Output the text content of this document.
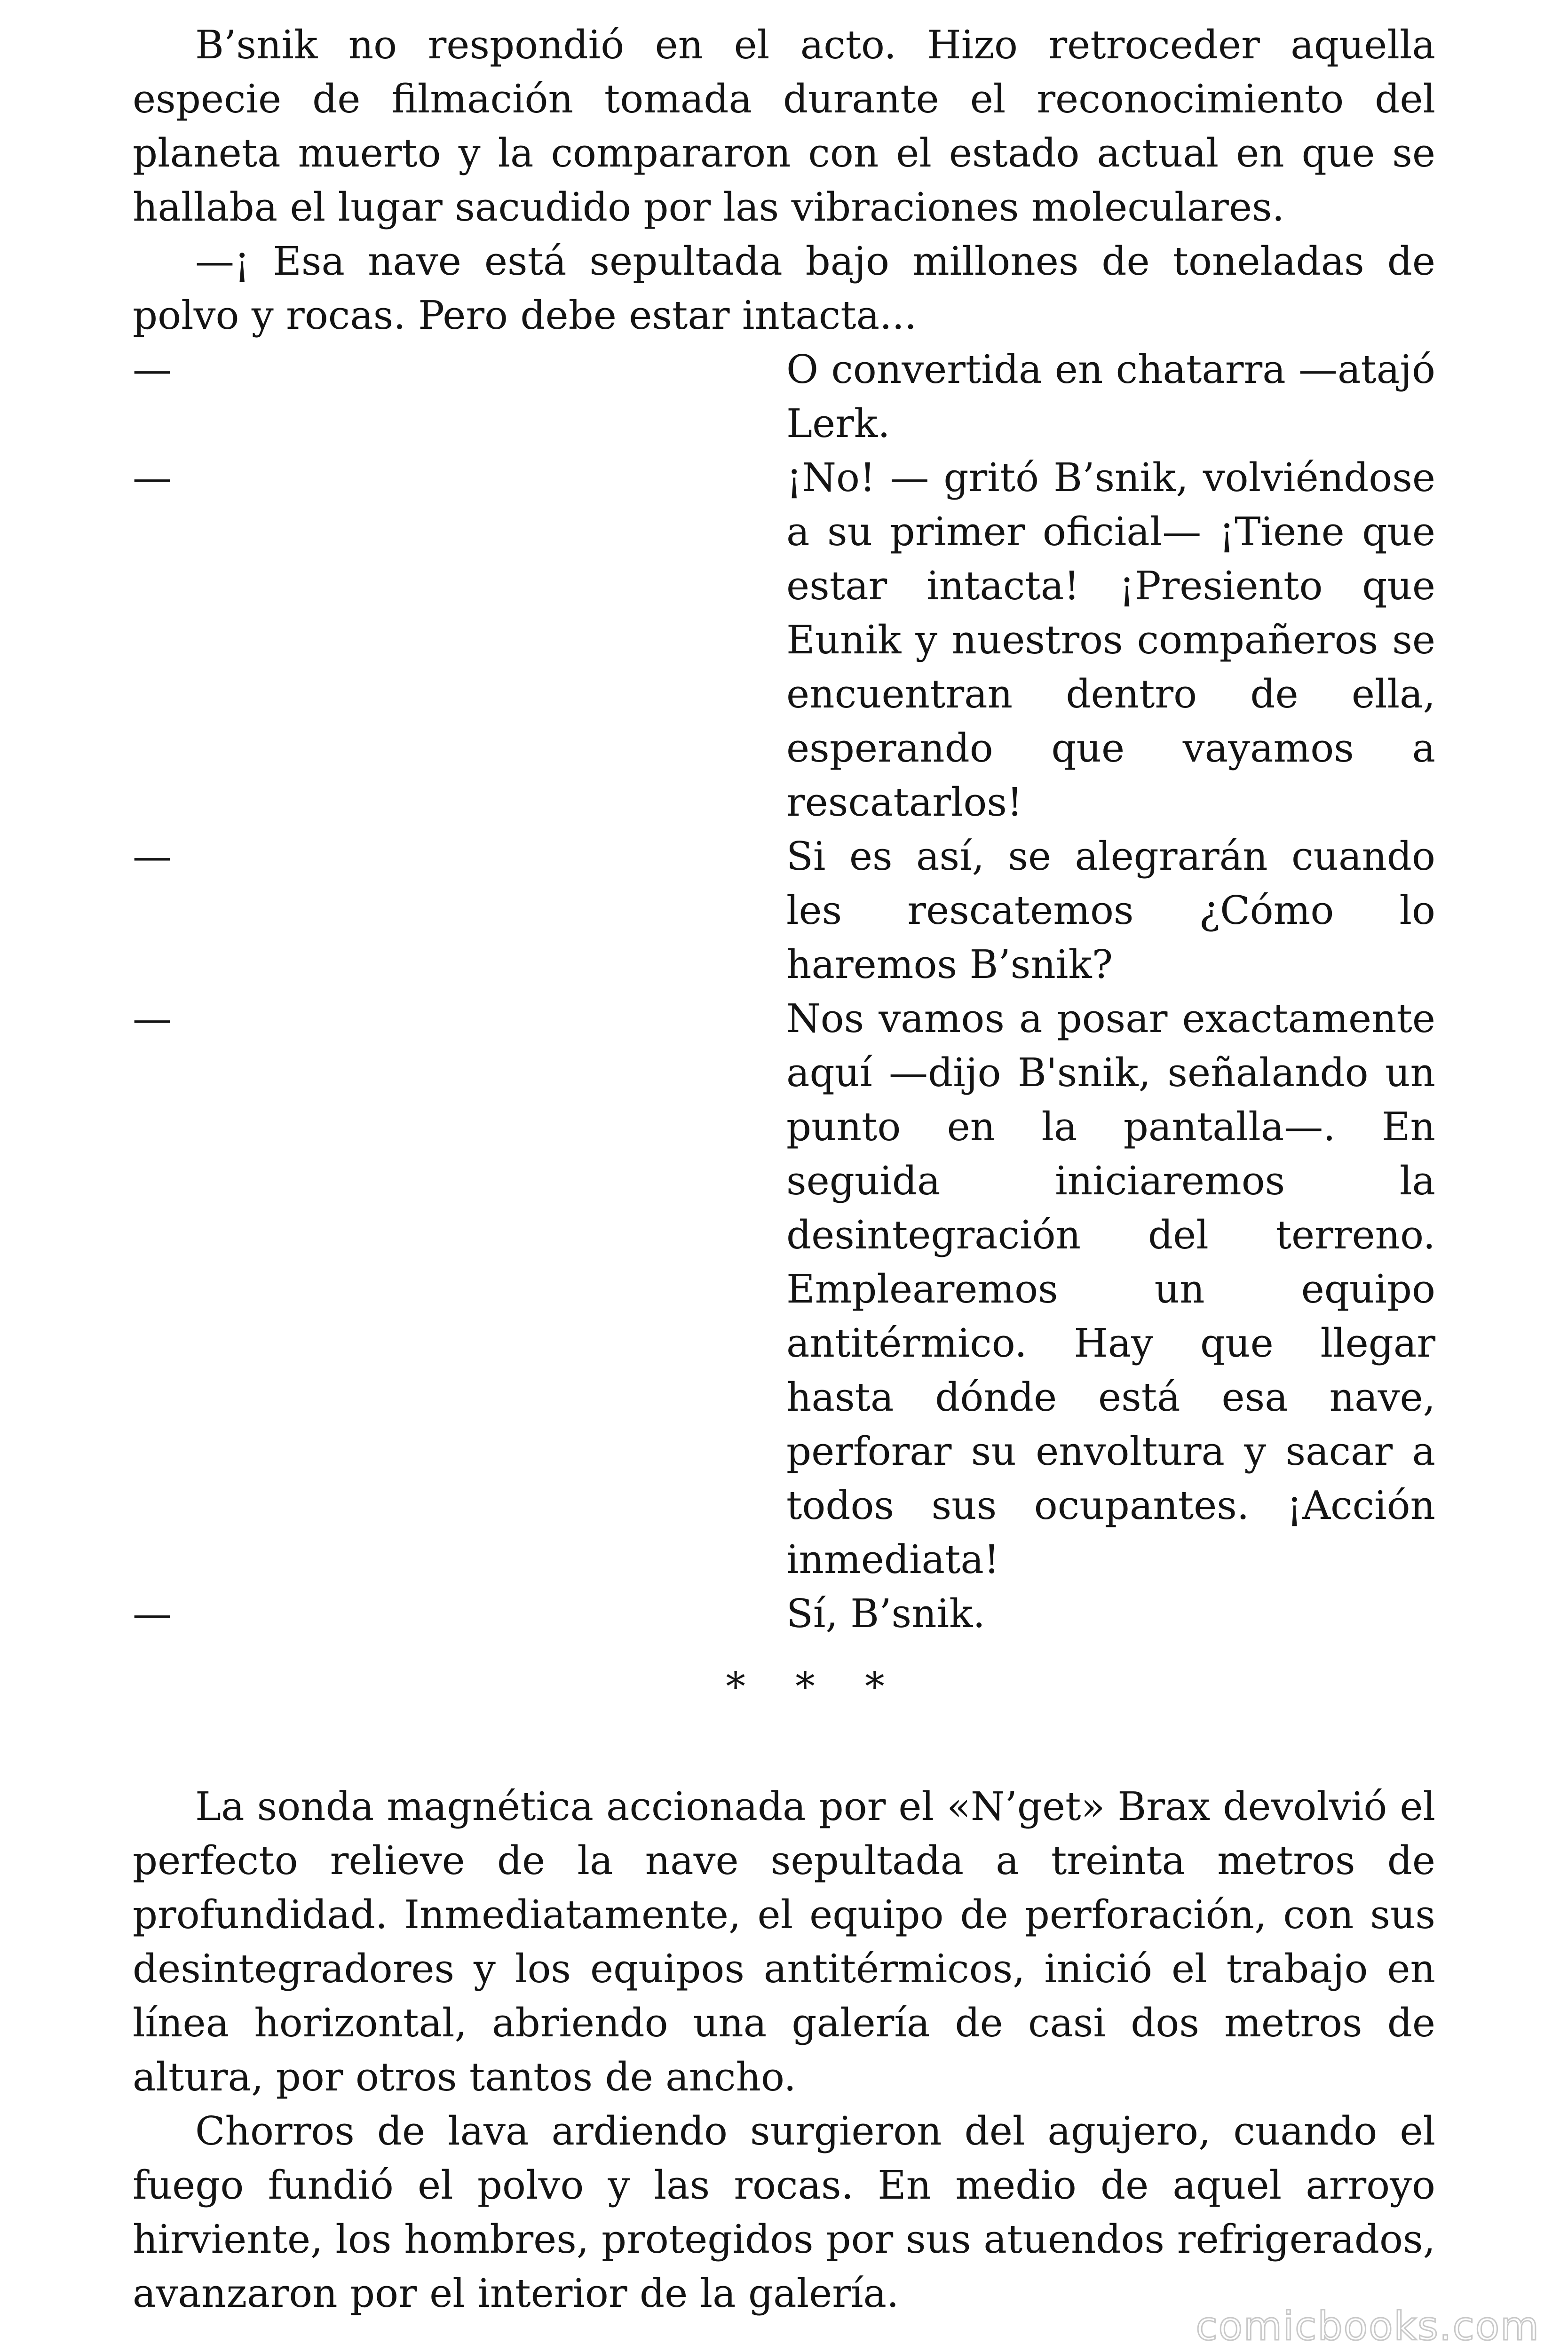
B’snik no respondió en el acto. Hizo retroceder aquella especie de filmación tomada durante el reconocimiento del planeta muerto y la compararon con el estado actual en que se hallaba el lugar sacudido por las vibraciones moleculares.

—¡ Esa nave está sepultada bajo millones de toneladas de polvo y rocas. Pero debe estar intacta...

—	O convertida en chatarra —atajó Lerk.
—	¡No! — gritó B’snik, volviéndose a su primer oficial— ¡Tiene que estar intacta! ¡Presiento que Eunik y nuestros compañeros se encuentran dentro de ella, esperando que vayamos a rescatarlos!
—	Si es así, se alegrarán cuando les rescatemos ¿Cómo lo haremos B’snik?
—	Nos vamos a posar exactamente aquí —dijo B'snik, señalando un punto en la pantalla—. En seguida iniciaremos la desintegración del terreno. Emplearemos un equipo antitérmico. Hay que llegar hasta dónde está esa nave, perforar su envoltura y sacar a todos sus ocupantes. ¡Acción inmediata!
—	Sí, B’snik.
* * *

La sonda magnética accionada por el «N’get» Brax devolvió el perfecto relieve de la nave sepultada a treinta metros de profundidad. Inmediatamente, el equipo de perforación, con sus desintegradores y los equipos antitérmicos, inició el trabajo en línea horizontal, abriendo una galería de casi dos metros de altura, por otros tantos de ancho.

Chorros de lava ardiendo surgieron del agujero, cuando el fuego fundió el polvo y las rocas. En medio de aquel arroyo hirviente, los hombres, protegidos por sus atuendos refrigerados, avanzaron por el interior de la galería.

comicbooks.com
